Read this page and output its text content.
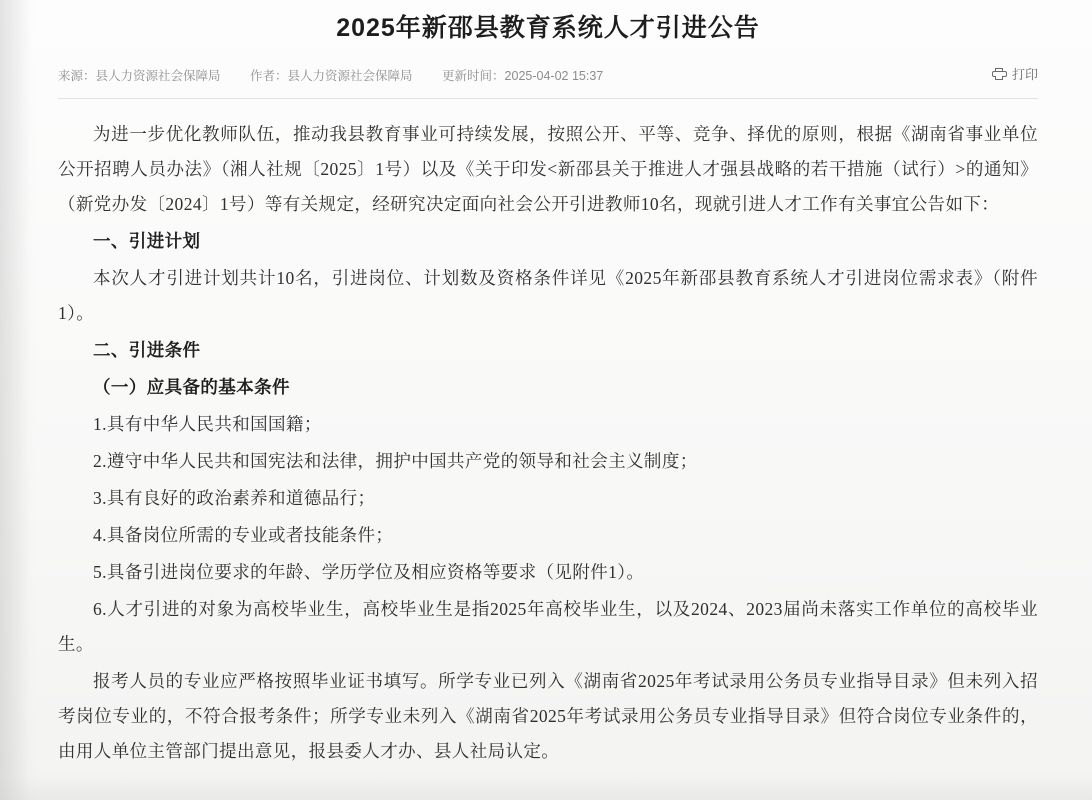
2025年新邵县教育系统人才引进公告
来源：县人力资源社会保障局 作者：县人力资源社会保障局 更新时间：2025-04-02 15:37	打印
为进一步优化教师队伍，推动我县教育事业可持续发展，按照公开、平等、竞争、择优的原则，根据《湖南省事业单位公开招聘人员办法》（湘人社规〔2025〕1号）以及《关于印发<新邵县关于推进人才强县战略的若干措施（试行）>的通知》（新党办发〔2024〕1号）等有关规定，经研究决定面向社会公开引进教师10名，现就引进人才工作有关事宜公告如下：
一、引进计划
本次人才引进计划共计10名，引进岗位、计划数及资格条件详见《2025年新邵县教育系统人才引进岗位需求表》（附件1）。
二、引进条件
（一）应具备的基本条件
1.具有中华人民共和国国籍；
2.遵守中华人民共和国宪法和法律，拥护中国共产党的领导和社会主义制度；
3.具有良好的政治素养和道德品行；
4.具备岗位所需的专业或者技能条件；
5.具备引进岗位要求的年龄、学历学位及相应资格等要求（见附件1）。
6.人才引进的对象为高校毕业生，高校毕业生是指2025年高校毕业生，以及2024、2023届尚未落实工作单位的高校毕业生。
报考人员的专业应严格按照毕业证书填写。所学专业已列入《湖南省2025年考试录用公务员专业指导目录》但未列入招考岗位专业的，不符合报考条件；所学专业未列入《湖南省2025年考试录用公务员专业指导目录》但符合岗位专业条件的，由用人单位主管部门提出意见，报县委人才办、县人社局认定。
